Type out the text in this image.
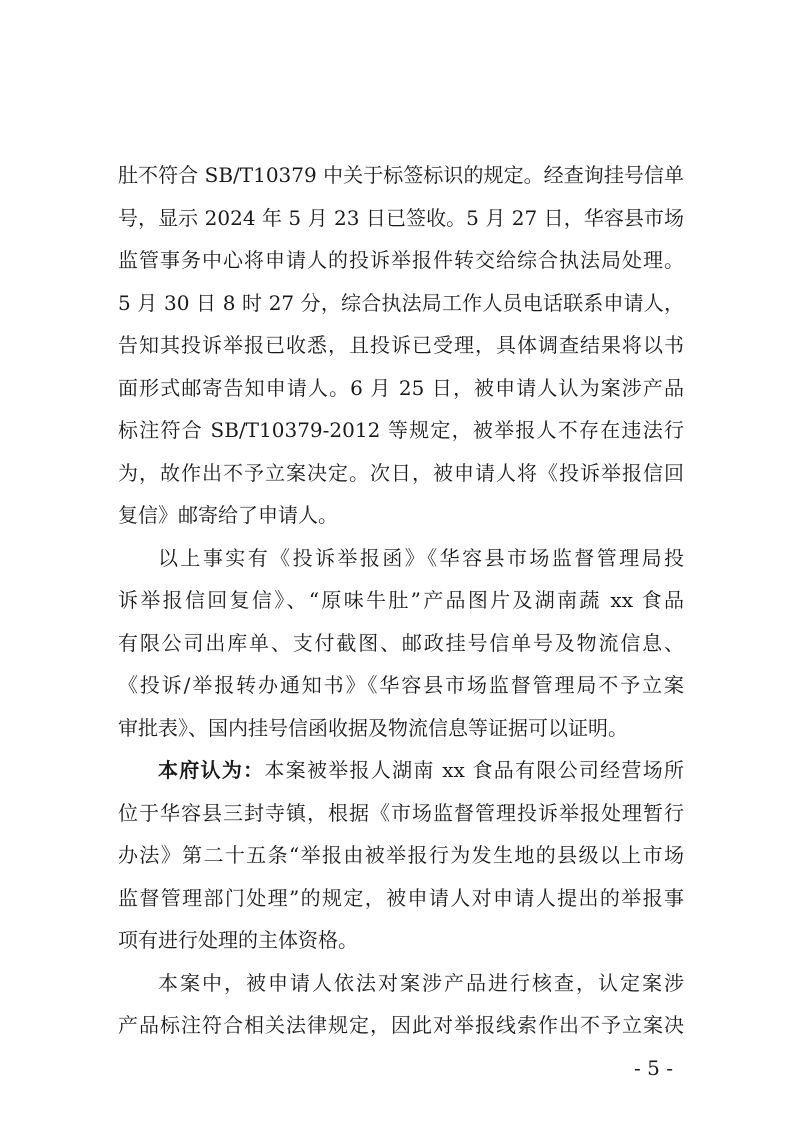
肚不符合 SB/T10379 中关于标签标识的规定。经查询挂号信单
号，显示 2024 年 5 月 23 日已签收。5 月 27 日，华容县市场
监管事务中心将申请人的投诉举报件转交给综合执法局处理。
5 月 30 日 8 时 27 分，综合执法局工作人员电话联系申请人，
告知其投诉举报已收悉，且投诉已受理，具体调查结果将以书
面形式邮寄告知申请人。6 月 25 日，被申请人认为案涉产品
标注符合 SB/T10379-2012 等规定，被举报人不存在违法行
为，故作出不予立案决定。次日，被申请人将《投诉举报信回
复信》邮寄给了申请人。
以上事实有《投诉举报函》《华容县市场监督管理局投
诉举报信回复信》、“原味牛肚”产品图片及湖南蔬 xx 食品
有限公司出库单、支付截图、邮政挂号信单号及物流信息、
《投诉/举报转办通知书》《华容县市场监督管理局不予立案
审批表》、国内挂号信函收据及物流信息等证据可以证明。
本府认为：本案被举报人湖南 xx 食品有限公司经营场所
位于华容县三封寺镇，根据《市场监督管理投诉举报处理暂行
办法》第二十五条“举报由被举报行为发生地的县级以上市场
监督管理部门处理”的规定，被申请人对申请人提出的举报事
项有进行处理的主体资格。
本案中，被申请人依法对案涉产品进行核查，认定案涉
产品标注符合相关法律规定，因此对举报线索作出不予立案决
- 5 -
